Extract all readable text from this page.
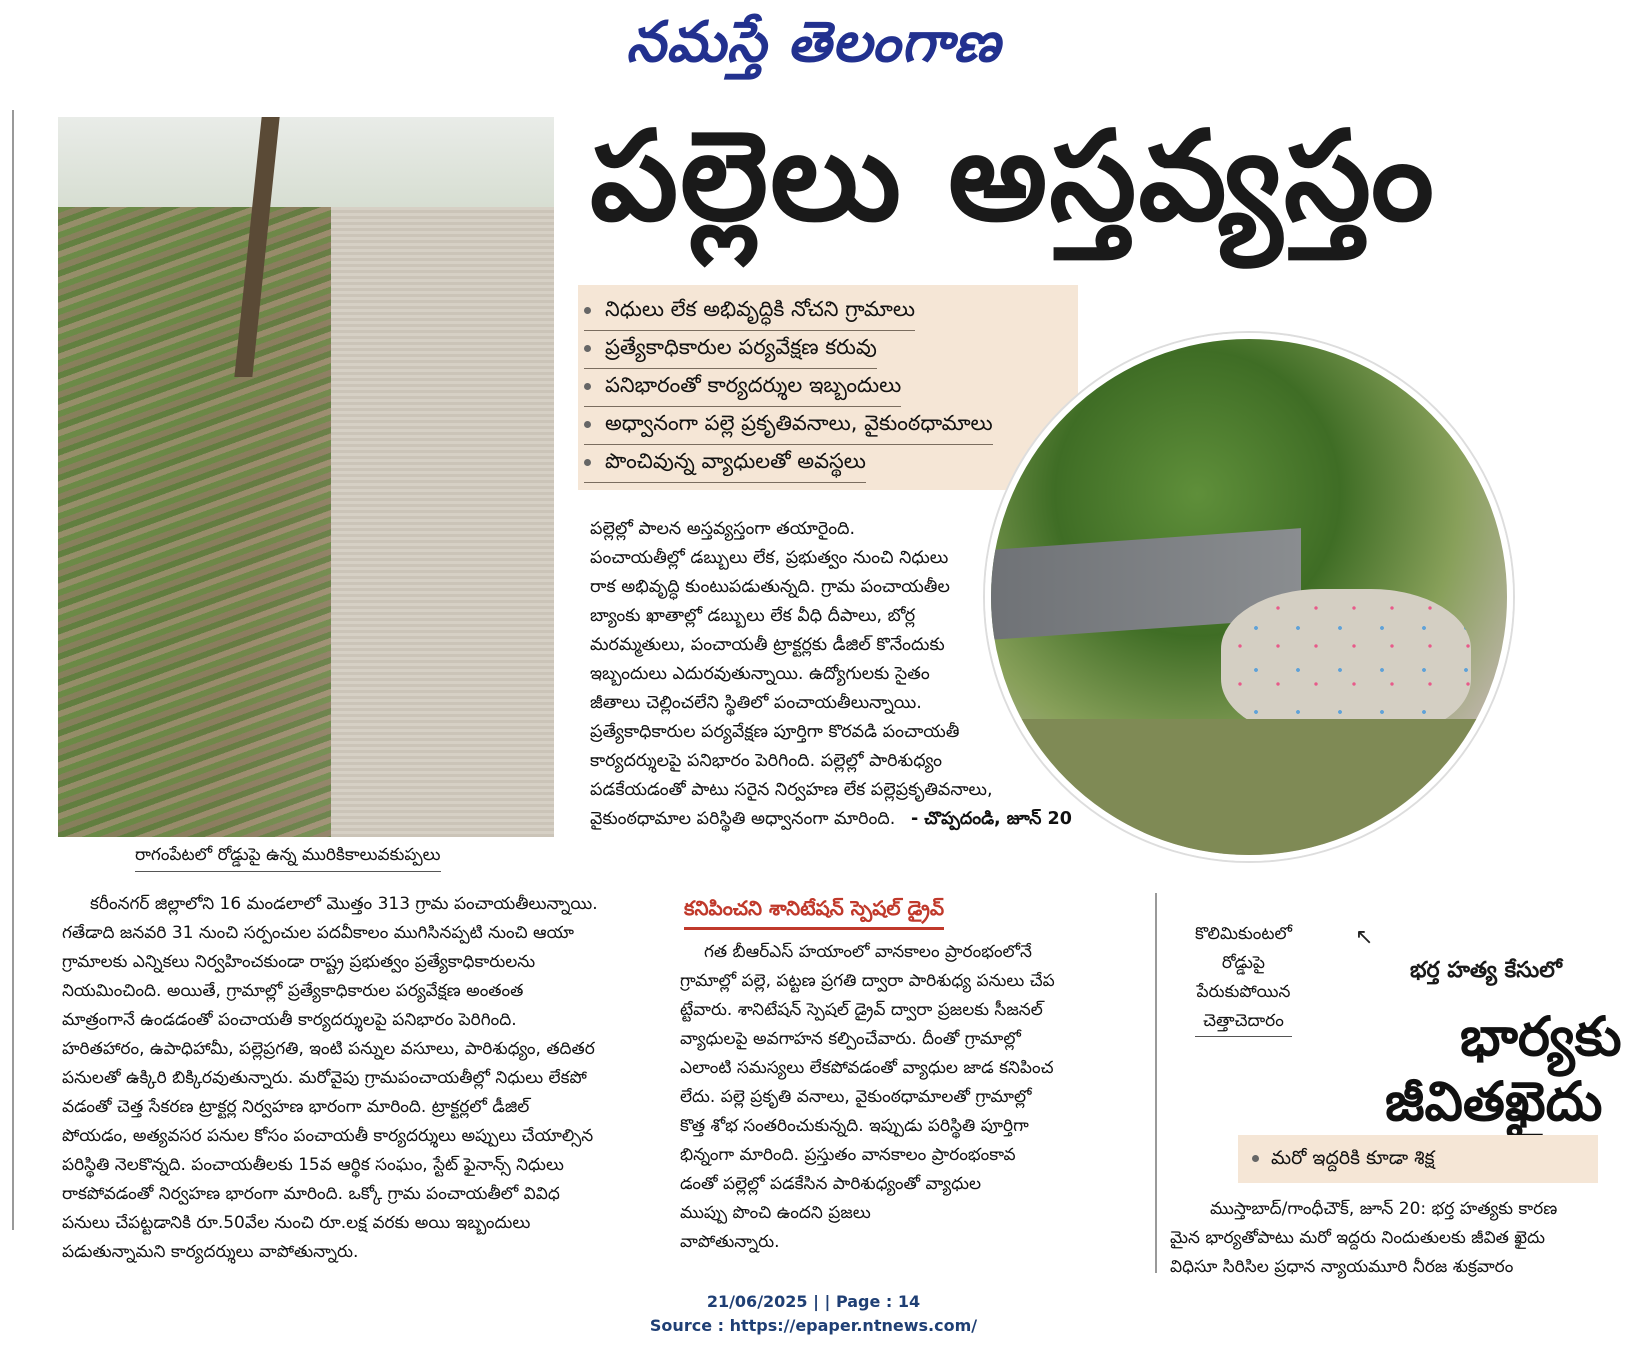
నమస్తే తెలంగాణ
రాగంపేటలో రోడ్డుపై ఉన్న మురికికాలువకుప్పలు
పల్లెలు అస్తవ్యస్తం
నిధులు లేక అభివృద్ధికి నోచని గ్రామాలు
ప్రత్యేకాధికారుల పర్యవేక్షణ కరువు
పనిభారంతో కార్యదర్శుల ఇబ్బందులు
అధ్వానంగా పల్లె ప్రకృతివనాలు, వైకుంఠధామాలు
పొంచివున్న వ్యాధులతో అవస్థలు
పల్లెల్లో పాలన అస్తవ్యస్తంగా తయారైంది.
పంచాయతీల్లో డబ్బులు లేక, ప్రభుత్వం నుంచి నిధులు
రాక అభివృద్ధి కుంటుపడుతున్నది. గ్రామ పంచాయతీల
బ్యాంకు ఖాతాల్లో డబ్బులు లేక వీధి దీపాలు, బోర్ల
మరమ్మతులు, పంచాయతీ ట్రాక్టర్లకు డీజిల్ కొనేందుకు
ఇబ్బందులు ఎదురవుతున్నాయి. ఉద్యోగులకు సైతం
జీతాలు చెల్లించలేని స్థితిలో పంచాయతీలున్నాయి.
ప్రత్యేకాధికారుల పర్యవేక్షణ పూర్తిగా కొరవడి పంచాయతీ
కార్యదర్శులపై పనిభారం పెరిగింది. పల్లెల్లో పారిశుధ్యం
పడకేయడంతో పాటు సరైన నిర్వహణ లేక పల్లెప్రకృతివనాలు,
వైకుంఠధామాల పరిస్థితి అధ్వానంగా మారింది. - చొప్పదండి, జూన్ 20
కరీంనగర్ జిల్లాలోని 16 మండలాలో మొత్తం 313 గ్రామ పంచాయతీలున్నాయి.
గతేడాది జనవరి 31 నుంచి సర్పంచుల పదవీకాలం ముగిసినప్పటి నుంచి ఆయా
గ్రామాలకు ఎన్నికలు నిర్వహించకుండా రాష్ట్ర ప్రభుత్వం ప్రత్యేకాధికారులను
నియమించింది. అయితే, గ్రామాల్లో ప్రత్యేకాధికారుల పర్యవేక్షణ అంతంత
మాత్రంగానే ఉండడంతో పంచాయతీ కార్యదర్శులపై పనిభారం పెరిగింది.
హరితహారం, ఉపాధిహామీ, పల్లెప్రగతి, ఇంటి పన్నుల వసూలు, పారిశుధ్యం, తదితర
పనులతో ఉక్కిరి బిక్కిరవుతున్నారు. మరోవైపు గ్రామపంచాయతీల్లో నిధులు లేకపో
వడంతో చెత్త సేకరణ ట్రాక్టర్ల నిర్వహణ భారంగా మారింది. ట్రాక్టర్లలో డీజిల్
పోయడం, అత్యవసర పనుల కోసం పంచాయతీ కార్యదర్శులు అప్పులు చేయాల్సిన
పరిస్థితి నెలకొన్నది. పంచాయతీలకు 15వ ఆర్థిక సంఘం, స్టేట్ ఫైనాన్స్ నిధులు
రాకపోవడంతో నిర్వహణ భారంగా మారింది. ఒక్కో గ్రామ పంచాయతీలో వివిధ
పనులు చేపట్టడానికి రూ.50వేల నుంచి రూ.లక్ష వరకు అయి ఇబ్బందులు
పడుతున్నామని కార్యదర్శులు వాపోతున్నారు.
కనిపించని శానిటేషన్ స్పెషల్ డ్రైవ్
గత బీఆర్ఎస్ హయాంలో వానకాలం ప్రారంభంలోనే
గ్రామాల్లో పల్లె, పట్టణ ప్రగతి ద్వారా పారిశుధ్య పనులు చేప
ట్టేవారు. శానిటేషన్ స్పెషల్ డ్రైవ్ ద్వారా ప్రజలకు సీజనల్
వ్యాధులపై అవగాహన కల్పించేవారు. దీంతో గ్రామాల్లో
ఎలాంటి సమస్యలు లేకపోవడంతో వ్యాధుల జాడ కనిపించ
లేదు. పల్లె ప్రకృతి వనాలు, వైకుంఠధామాలతో గ్రామాల్లో
కొత్త శోభ సంతరించుకున్నది. ఇప్పుడు పరిస్థితి పూర్తిగా
భిన్నంగా మారింది. ప్రస్తుతం వానకాలం ప్రారంభంకావ
డంతో పల్లెల్లో పడకేసిన పారిశుధ్యంతో వ్యాధుల
ముప్పు పొంచి ఉందని ప్రజలు
వాపోతున్నారు.
కొలిమికుంటలో
రోడ్డుపై
పేరుకుపోయిన
చెత్తాచెదారం
↖
భర్త హత్య కేసులో
భార్యకు
జీవితఖైదు
మరో ఇద్దరికి కూడా శిక్ష
ముస్తాబాద్/గాంధీచౌక్, జూన్ 20: భర్త హత్యకు కారణ
మైన భార్యతోపాటు మరో ఇద్దరు నిందుతులకు జీవిత ఖైదు
విధిసూ సిరిసిల ప్రధాన న్యాయమూరి నీరజ శుక్రవారం
21/06/2025 | | Page : 14
Source : https://epaper.ntnews.com/
